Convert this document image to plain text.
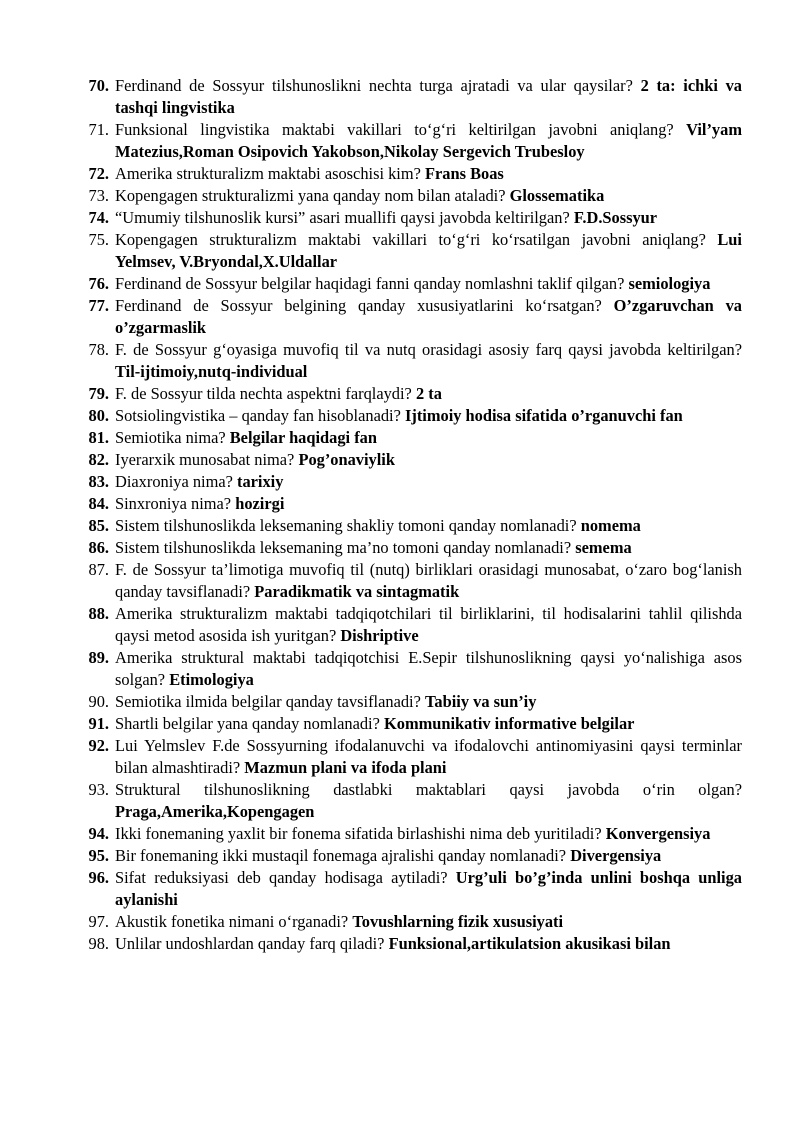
70. Ferdinand de Sossyur tilshunoslikni nechta turga ajratadi va ular qaysilar? 2 ta: ichki va tashqi lingvistika
71. Funksional lingvistika maktabi vakillari to‘g‘ri keltirilgan javobni aniqlang? Vil’yam Matezius,Roman Osipovich Yakobson,Nikolay Sergevich Trubesloy
72. Amerika strukturalizm maktabi asoschisi kim? Frans Boas
73. Kopengagen strukturalizmi yana qanday nom bilan ataladi? Glossematika
74. “Umumiy tilshunoslik kursi” asari muallifi qaysi javobda keltirilgan? F.D.Sossyur
75. Kopengagen strukturalizm maktabi vakillari to‘g‘ri ko‘rsatilgan javobni aniqlang? Lui Yelmsev, V.Bryondal,X.Uldallar
76. Ferdinand de Sossyur belgilar haqidagi fanni qanday nomlashni taklif qilgan? semiologiya
77. Ferdinand de Sossyur belgining qanday xususiyatlarini ko‘rsatgan? O’zgaruvchan va o’zgarmaslik
78. F. de Sossyur g‘oyasiga muvofiq til va nutq orasidagi asosiy farq qaysi javobda keltirilgan? Til-ijtimoiy,nutq-individual
79. F. de Sossyur tilda nechta aspektni farqlaydi? 2 ta
80. Sotsiolingvistika – qanday fan hisoblanadi? Ijtimoiy hodisa sifatida o’rganuvchi fan
81. Semiotika nima? Belgilar haqidagi fan
82. Iyerarxik munosabat nima? Pog’onaviylik
83. Diaxroniya nima? tarixiy
84. Sinxroniya nima? hozirgi
85. Sistem tilshunoslikda leksemaning shakliy tomoni qanday nomlanadi? nomema
86. Sistem tilshunoslikda leksemaning ma’no tomoni qanday nomlanadi? semema
87. F. de Sossyur ta’limotiga muvofiq til (nutq) birliklari orasidagi munosabat, o‘zaro bog‘lanish qanday tavsiflanadi? Paradikmatik va sintagmatik
88. Amerika strukturalizm maktabi tadqiqotchilari til birliklarini, til hodisalarini tahlil qilishda qaysi metod asosida ish yuritgan? Dishriptive
89. Amerika struktural maktabi tadqiqotchisi E.Sepir tilshunoslikning qaysi yo‘nalishiga asos solgan? Etimologiya
90. Semiotika ilmida belgilar qanday tavsiflanadi? Tabiiy va sun’iy
91. Shartli belgilar yana qanday nomlanadi? Kommunikativ informative belgilar
92. Lui Yelmslev F.de Sossyurning ifodalanuvchi va ifodalovchi antinomiyasini qaysi terminlar bilan almashtiradi? Mazmun plani va ifoda plani
93. Struktural tilshunoslikning dastlabki maktablari qaysi javobda o‘rin olgan? Praga,Amerika,Kopengagen
94. Ikki fonemaning yaxlit bir fonema sifatida birlashishi nima deb yuritiladi? Konvergensiya
95. Bir fonemaning ikki mustaqil fonemaga ajralishi qanday nomlanadi? Divergensiya
96. Sifat reduksiyasi deb qanday hodisaga aytiladi? Urg’uli bo’g’inda unlini boshqa unliga aylanishi
97. Akustik fonetika nimani o‘rganadi? Tovushlarning fizik xususiyati
98. Unlilar undoshlardan qanday farq qiladi? Funksional,artikulatsion akusikasi bilan
